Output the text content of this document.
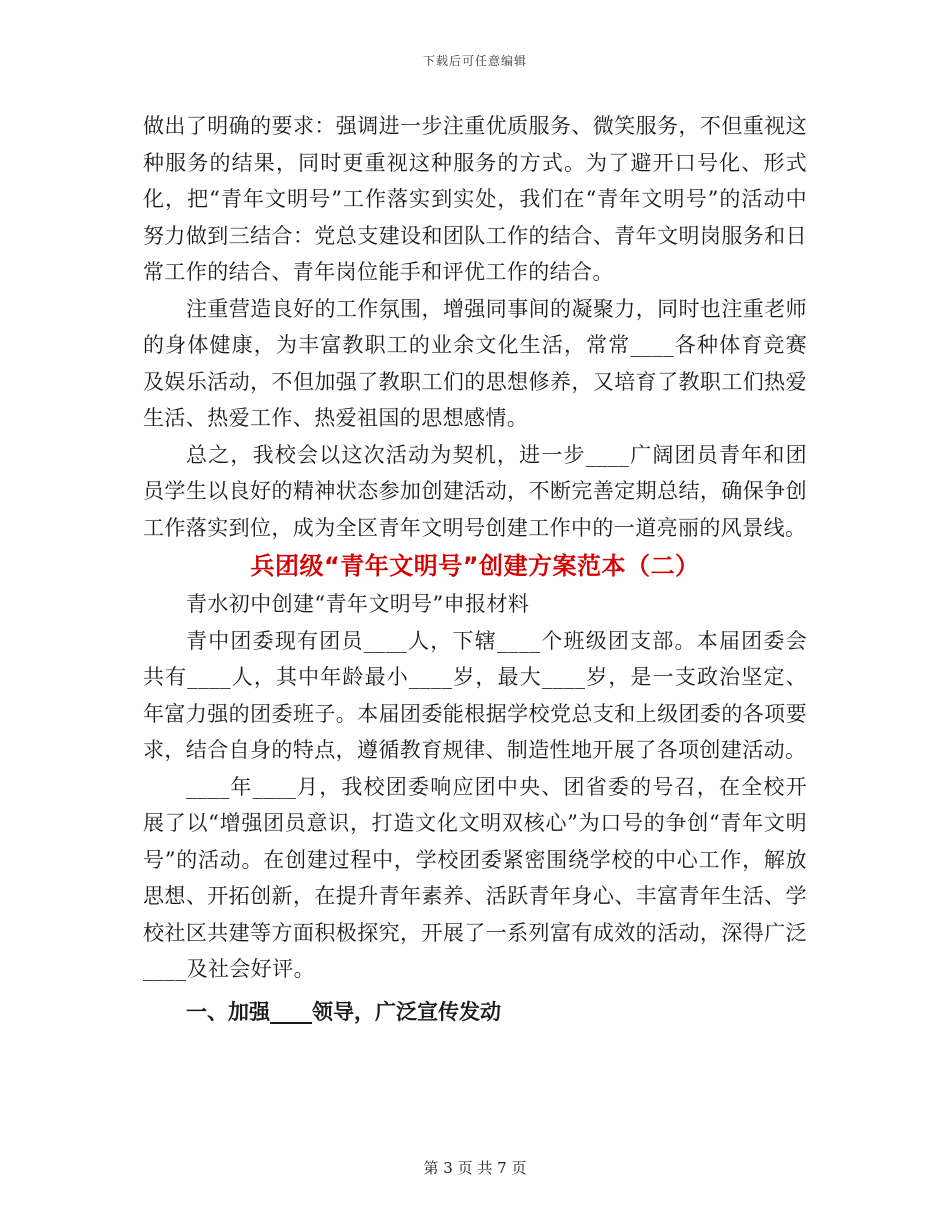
下载后可任意编辑

做出了明确的要求：强调进一步注重优质服务、微笑服务，不但重视这种服务的结果，同时更重视这种服务的方式。为了避开口号化、形式化，把“青年文明号”工作落实到实处，我们在“青年文明号”的活动中努力做到三结合：党总支建设和团队工作的结合、青年文明岗服务和日常工作的结合、青年岗位能手和评优工作的结合。

注重营造良好的工作氛围，增强同事间的凝聚力，同时也注重老师的身体健康，为丰富教职工的业余文化生活，常常____各种体育竞赛及娱乐活动，不但加强了教职工们的思想修养，又培育了教职工们热爱生活、热爱工作、热爱祖国的思想感情。

总之，我校会以这次活动为契机，进一步____广阔团员青年和团员学生以良好的精神状态参加创建活动，不断完善定期总结，确保争创工作落实到位，成为全区青年文明号创建工作中的一道亮丽的风景线。

兵团级“青年文明号”创建方案范本（二）

青水初中创建“青年文明号”申报材料

青中团委现有团员____人，下辖____个班级团支部。本届团委会共有____人，其中年龄最小____岁，最大____岁，是一支政治坚定、年富力强的团委班子。本届团委能根据学校党总支和上级团委的各项要求，结合自身的特点，遵循教育规律、制造性地开展了各项创建活动。

____年____月，我校团委响应团中央、团省委的号召，在全校开展了以“增强团员意识，打造文化文明双核心”为口号的争创“青年文明号”的活动。在创建过程中，学校团委紧密围绕学校的中心工作，解放思想、开拓创新，在提升青年素养、活跃青年身心、丰富青年生活、学校社区共建等方面积极探究，开展了一系列富有成效的活动，深得广泛____及社会好评。

一、加强____领导，广泛宣传发动

第 3 页 共 7 页
